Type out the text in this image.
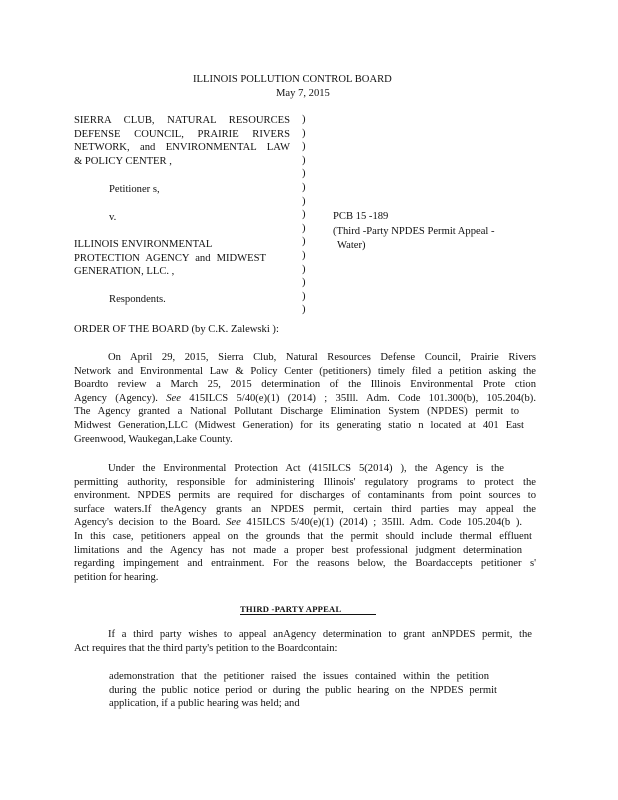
ILLINOIS POLLUTION CONTROL BOARD
May 7, 2015
SIERRA CLUB, NATURAL RESOURCES
DEFENSE COUNCIL, PRAIRIE RIVERS
NETWORK, and ENVIRONMENTAL LAW
& POLICY CENTER ,
Petitioner s,
v.
ILLINOIS ENVIRONMENTAL
PROTECTION AGENCY and MIDWEST
GENERATION, LLC. ,
Respondents.
)
)
)
)
)
)
)
)
)
)
)
)
)
)
)
PCB 15 -189
(Third -Party NPDES Permit Appeal -
Water)
ORDER OF THE BOARD (by C.K. Zalewski ):
On April 29, 2015, Sierra Club, Natural Resources Defense Council, Prairie Rivers
Network and Environmental Law & Policy Center (petitioners) timely filed a petition asking the
Boardto review a March 25, 2015 determination of the Illinois Environmental Prote ction
Agency (Agency). See 415ILCS 5/40(e)(1) (2014) ; 35Ill. Adm. Code 101.300(b), 105.204(b).
The Agency granted a National Pollutant Discharge Elimination System (NPDES) permit to
Midwest Generation,LLC (Midwest Generation) for its generating statio n located at 401 East
Greenwood, Waukegan,Lake County.
Under the Environmental Protection Act (415ILCS 5(2014) ), the Agency is the
permitting authority, responsible for administering Illinois' regulatory programs to protect the
environment. NPDES permits are required for discharges of contaminants from point sources to
surface waters.If theAgency grants an NPDES permit, certain third parties may appeal the
Agency's decision to the Board. See 415ILCS 5/40(e)(1) (2014) ; 35Ill. Adm. Code 105.204(b ).
In this case, petitioners appeal on the grounds that the permit should include thermal effluent
limitations and the Agency has not made a proper best professional judgment determination
regarding impingement and entrainment. For the reasons below, the Boardaccepts petitioner s'
petition for hearing.
THIRD -PARTY APPEAL
If a third party wishes to appeal anAgency determination to grant anNPDES permit, the
Act requires that the third party's petition to the Boardcontain:
ademonstration that the petitioner raised the issues contained within the petition
during the public notice period or during the public hearing on the NPDES permit
application, if a public hearing was held; and
